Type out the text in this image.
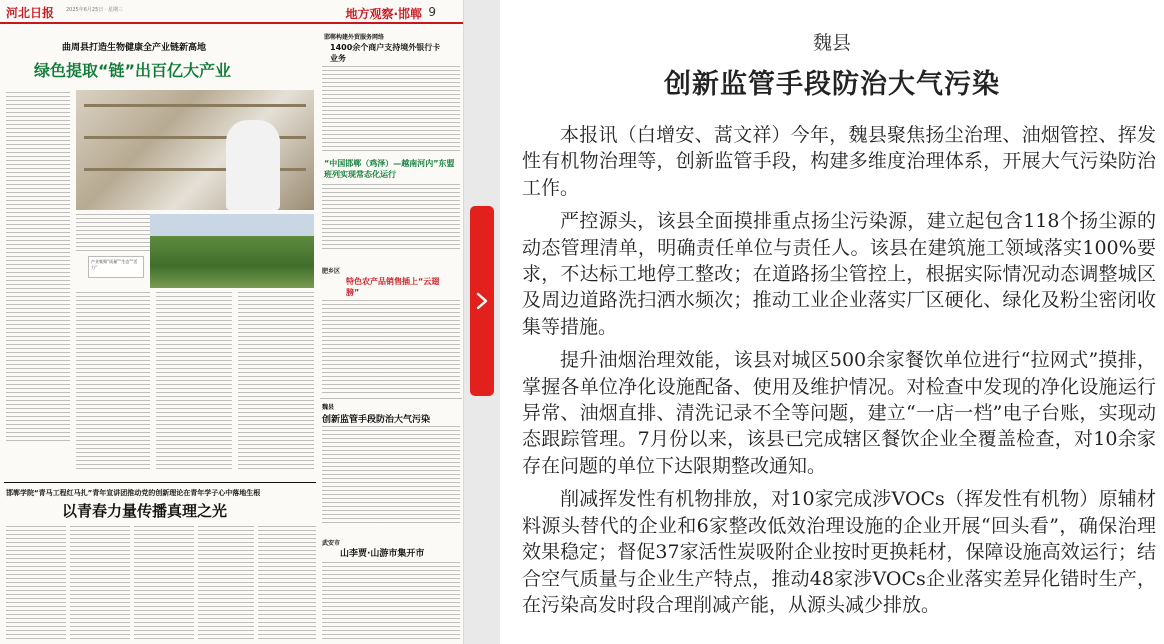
河北日报 2025年6月25日 · 星期三	地方观察·邯郸 9
曲周县打造生物健康全产业链新高地
绿色提取“链”出百亿大产业
产业集聚“质量”“生态”“活力”
邯郸构建外贸服务网络
1400余个商户支持境外银行卡业务
“中国邯郸（鸡泽）—越南河内”东盟班列实现常态化运行
肥乡区
特色农产品销售插上“云翅膀”
魏县
创新监管手段防治大气污染
武安市
山李贾·山游市集开市
邯郸学院“青马工程红马扎”青年宣讲团推动党的创新理论在青年学子心中落地生根
以青春力量传播真理之光
魏县
创新监管手段防治大气污染

本报讯（白增安、蒿文祥）今年，魏县聚焦扬尘治理、油烟管控、挥发性有机物治理等，创新监管手段，构建多维度治理体系，开展大气污染防治工作。

严控源头，该县全面摸排重点扬尘污染源，建立起包含118个扬尘源的动态管理清单，明确责任单位与责任人。该县在建筑施工领域落实100%要求，不达标工地停工整改；在道路扬尘管控上，根据实际情况动态调整城区及周边道路洗扫洒水频次；推动工业企业落实厂区硬化、绿化及粉尘密闭收集等措施。

提升油烟治理效能，该县对城区500余家餐饮单位进行“拉网式”摸排，掌握各单位净化设施配备、使用及维护情况。对检查中发现的净化设施运行异常、油烟直排、清洗记录不全等问题，建立“一店一档”电子台账，实现动态跟踪管理。7月份以来，该县已完成辖区餐饮企业全覆盖检查，对10余家存在问题的单位下达限期整改通知。

削减挥发性有机物排放，对10家完成涉VOCs（挥发性有机物）原辅材料源头替代的企业和6家整改低效治理设施的企业开展“回头看”，确保治理效果稳定；督促37家活性炭吸附企业按时更换耗材，保障设施高效运行；结合空气质量与企业生产特点，推动48家涉VOCs企业落实差异化错时生产，在污染高发时段合理削减产能，从源头减少排放。
